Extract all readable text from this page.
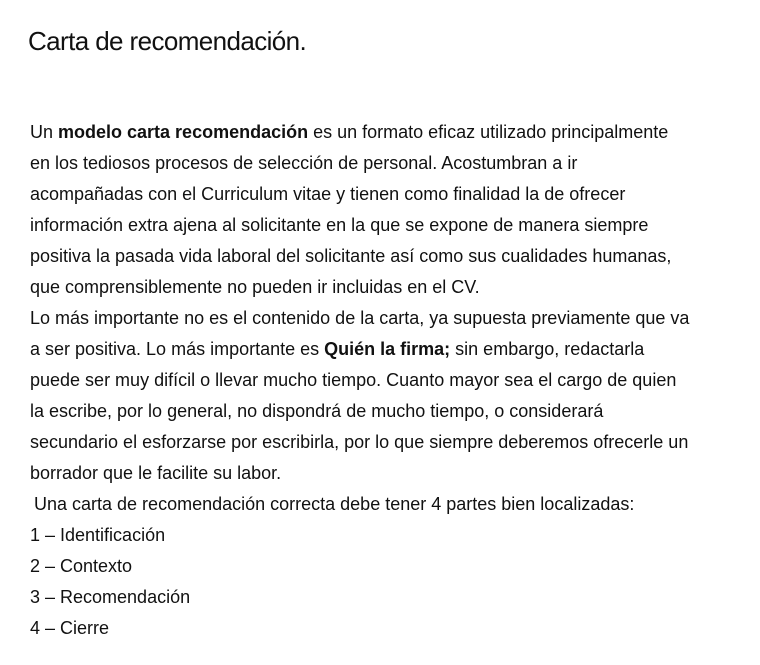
Carta de recomendación.
Un modelo carta recomendación es un formato eficaz utilizado principalmente
en los tediosos procesos de selección de personal. Acostumbran a ir
acompañadas con el Curriculum vitae y tienen como finalidad la de ofrecer
información extra ajena al solicitante en la que se expone de manera siempre
positiva la pasada vida laboral del solicitante así como sus cualidades humanas,
que comprensiblemente no pueden ir incluidas en el CV.
Lo más importante no es el contenido de la carta, ya supuesta previamente que va
a ser positiva. Lo más importante es Quién la firma; sin embargo, redactarla
puede ser muy difícil o llevar mucho tiempo. Cuanto mayor sea el cargo de quien
la escribe, por lo general, no dispondrá de mucho tiempo, o considerará
secundario el esforzarse por escribirla, por lo que siempre deberemos ofrecerle un
borrador que le facilite su labor.
Una carta de recomendación correcta debe tener 4 partes bien localizadas:
1 – Identificación
2 – Contexto
3 – Recomendación
4 – Cierre
